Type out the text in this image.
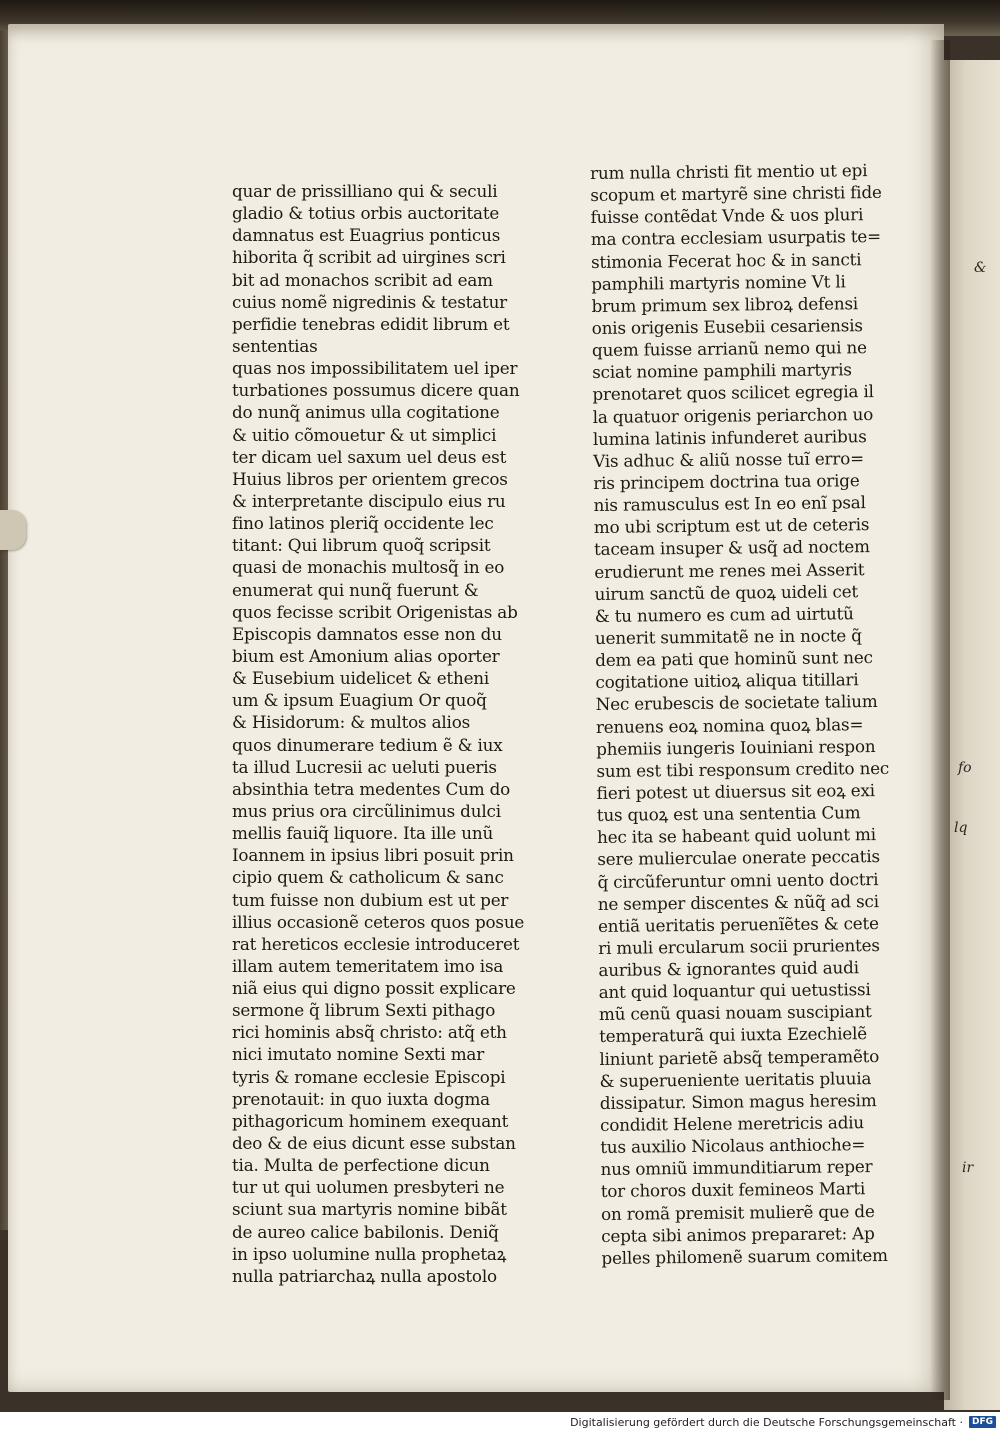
&
fo
lq
ir
quar de prissilliano qui & seculi
gladio & totius orbis auctoritate
damnatus est Euagrius ponticus
hiborita q̃ scribit ad uirgines scri
bit ad monachos scribit ad eam
cuius nomẽ nigredinis & testatur
perfidie tenebras edidit librum et
sententias
quas nos impossibilitatem uel iper
turbationes possumus dicere quan
do nunq̃ animus ulla cogitatione
& uitio cõmouetur & ut simplici
ter dicam uel saxum uel deus est
Huius libros per orientem grecos
& interpretante discipulo eius ru
fino latinos pleriq̃ occidente lec
titant: Qui librum quoq̃ scripsit
quasi de monachis multosq̃ in eo
enumerat qui nunq̃ fuerunt &
quos fecisse scribit Origenistas ab
Episcopis damnatos esse non du
bium est Amonium alias oporter
& Eusebium uidelicet & etheni
um & ipsum Euagium Or quoq̃
& Hisidorum: & multos alios
quos dinumerare tedium ẽ & iux
ta illud Lucresii ac ueluti pueris
absinthia tetra medentes Cum do
mus prius ora circũlinimus dulci
mellis fauiq̃ liquore. Ita ille unũ
Ioannem in ipsius libri posuit prin
cipio quem & catholicum & sanc
tum fuisse non dubium est ut per
illius occasionẽ ceteros quos posue
rat hereticos ecclesie introduceret
illam autem temeritatem imo isa
niã eius qui digno possit explicare
sermone q̃ librum Sexti pithago
rici hominis absq̃ christo: atq̃ eth
nici imutato nomine Sexti mar
tyris & romane ecclesie Episcopi
prenotauit: in quo iuxta dogma
pithagoricum hominem exequant
deo & de eius dicunt esse substan
tia. Multa de perfectione dicun
tur ut qui uolumen presbyteri ne
sciunt sua martyris nomine bibãt
de aureo calice babilonis. Deniq̃
in ipso uolumine nulla prophetaꝝ
nulla patriarchaꝝ nulla apostolo
rum nulla christi fit mentio ut epi
scopum et martyrẽ sine christi fide
fuisse contẽdat Vnde & uos pluri
ma contra ecclesiam usurpatis te=
stimonia Fecerat hoc & in sancti
pamphili martyris nomine Vt li
brum primum sex libroꝝ defensi
onis origenis Eusebii cesariensis
quem fuisse arrianũ nemo qui ne
sciat nomine pamphili martyris
prenotaret quos scilicet egregia il
la quatuor origenis periarchon uo
lumina latinis infunderet auribus
Vis adhuc & aliũ nosse tuĩ erro=
ris principem doctrina tua orige
nis ramusculus est In eo enĩ psal
mo ubi scriptum est ut de ceteris
taceam insuper & usq̃ ad noctem
erudierunt me renes mei Asserit
uirum sanctũ de quoꝝ uideli cet
& tu numero es cum ad uirtutũ
uenerit summitatẽ ne in nocte q̃
dem ea pati que hominũ sunt nec
cogitatione uitioꝝ aliqua titillari
Nec erubescis de societate talium
renuens eoꝝ nomina quoꝝ blas=
phemiis iungeris Iouiniani respon
sum est tibi responsum credito nec
fieri potest ut diuersus sit eoꝝ exi
tus quoꝝ est una sententia Cum
hec ita se habeant quid uolunt mi
sere mulierculae onerate peccatis
q̃ circũferuntur omni uento doctri
ne semper discentes & nũq̃ ad sci
entiã ueritatis peruenĩẽtes & cete
ri muli ercularum socii prurientes
auribus & ignorantes quid audi
ant quid loquantur qui uetustissi
mũ cenũ quasi nouam suscipiant
temperaturã qui iuxta Ezechielẽ
liniunt parietẽ absq̃ temperamẽto
& superueniente ueritatis pluuia
dissipatur. Simon magus heresim
condidit Helene meretricis adiu
tus auxilio Nicolaus anthioche=
nus omniũ immunditiarum reper
tor choros duxit femineos Marti
on romã premisit mulierẽ que de
cepta sibi animos prepararet: Ap
pelles philomenẽ suarum comitem
Digitalisierung gefördert durch die Deutsche Forschungsgemeinschaft ·	DFG
